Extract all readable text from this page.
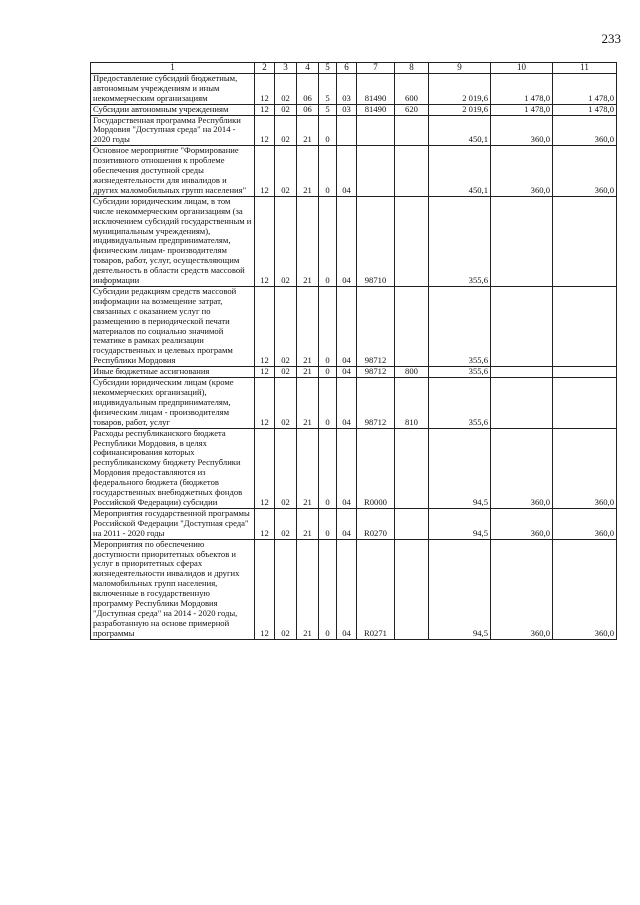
233
1	2	3	4	5	6	7	8	9	10	11
Предоставление субсидий бюджетным, автономным учреждениям и иным некоммерческим организациям	12	02	06	5	03	81490	600	2 019,6	1 478,0	1 478,0
Субсидии автономным учреждениям	12	02	06	5	03	81490	620	2 019,6	1 478,0	1 478,0
Государственная программа Республики Мордовия "Доступная среда" на 2014 - 2020 годы	12	02	21	0				450,1	360,0	360,0
Основное мероприятие "Формирование позитивного отношения к проблеме обеспечения доступной среды жизнедеятельности для инвалидов и других маломобильных групп населения"	12	02	21	0	04			450,1	360,0	360,0
Субсидии юридическим лицам, в том числе некоммерческим организациям (за исключением субсидий государственным и муниципальным учреждениям), индивидуальным предпринимателям, физическим лицам- производителям товаров, работ, услуг, осуществляющим деятельность в области средств массовой информации	12	02	21	0	04	98710		355,6		
Субсидии редакциям средств массовой информации на возмещение затрат, связанных с оказанием услуг по размещению в периодической печати материалов по социально значимой тематике в рамках реализации государственных и целевых программ Республики Мордовия	12	02	21	0	04	98712		355,6		
Иные бюджетные ассигнования	12	02	21	0	04	98712	800	355,6		
Субсидии юридическим лицам (кроме некоммерческих организаций), индивидуальным предпринимателям, физическим лицам - производителям товаров, работ, услуг	12	02	21	0	04	98712	810	355,6		
Расходы республиканского бюджета Республики Мордовия, в целях софинансирования которых республиканскому бюджету Республики Мордовия предоставляются из федерального бюджета (бюджетов государственных внебюджетных фондов Российской Федерации) субсидии	12	02	21	0	04	R0000		94,5	360,0	360,0
Мероприятия государственной программы Российской Федерации "Доступная среда" на 2011 - 2020 годы	12	02	21	0	04	R0270		94,5	360,0	360,0
Мероприятия по обеспечению доступности приоритетных объектов и услуг в приоритетных сферах жизнедеятельности инвалидов и других маломобильных групп населения, включенные в государственную программу Республики Мордовия "Доступная среда" на 2014 - 2020 годы, разработанную на основе примерной программы	12	02	21	0	04	R0271		94,5	360,0	360,0
